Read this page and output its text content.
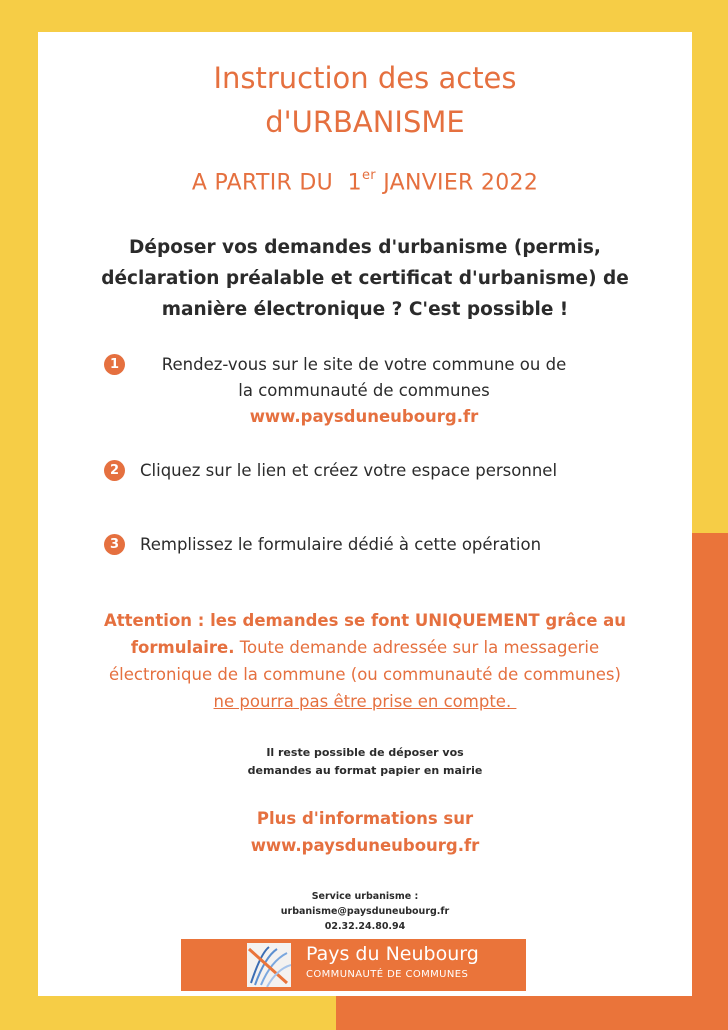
Instruction des actes
d'URBANISME
A PARTIR DU  1er JANVIER 2022
Déposer vos demandes d'urbanisme (permis,
déclaration préalable et certificat d'urbanisme) de
manière électronique ? C'est possible !
1	Rendez-vous sur le site de votre commune ou de
la communauté de communes
www.paysduneubourg.fr
2	Cliquez sur le lien et créez votre espace personnel
3	Remplissez le formulaire dédié à cette opération
Attention : les demandes se font UNIQUEMENT grâce au
formulaire. Toute demande adressée sur la messagerie
électronique de la commune (ou communauté de communes)
ne pourra pas être prise en compte.
Il reste possible de déposer vos
demandes au format papier en mairie
Plus d'informations sur
www.paysduneubourg.fr
Service urbanisme :
urbanisme@paysduneubourg.fr
02.32.24.80.94
Pays du Neubourg
COMMUNAUTÉ DE COMMUNES
